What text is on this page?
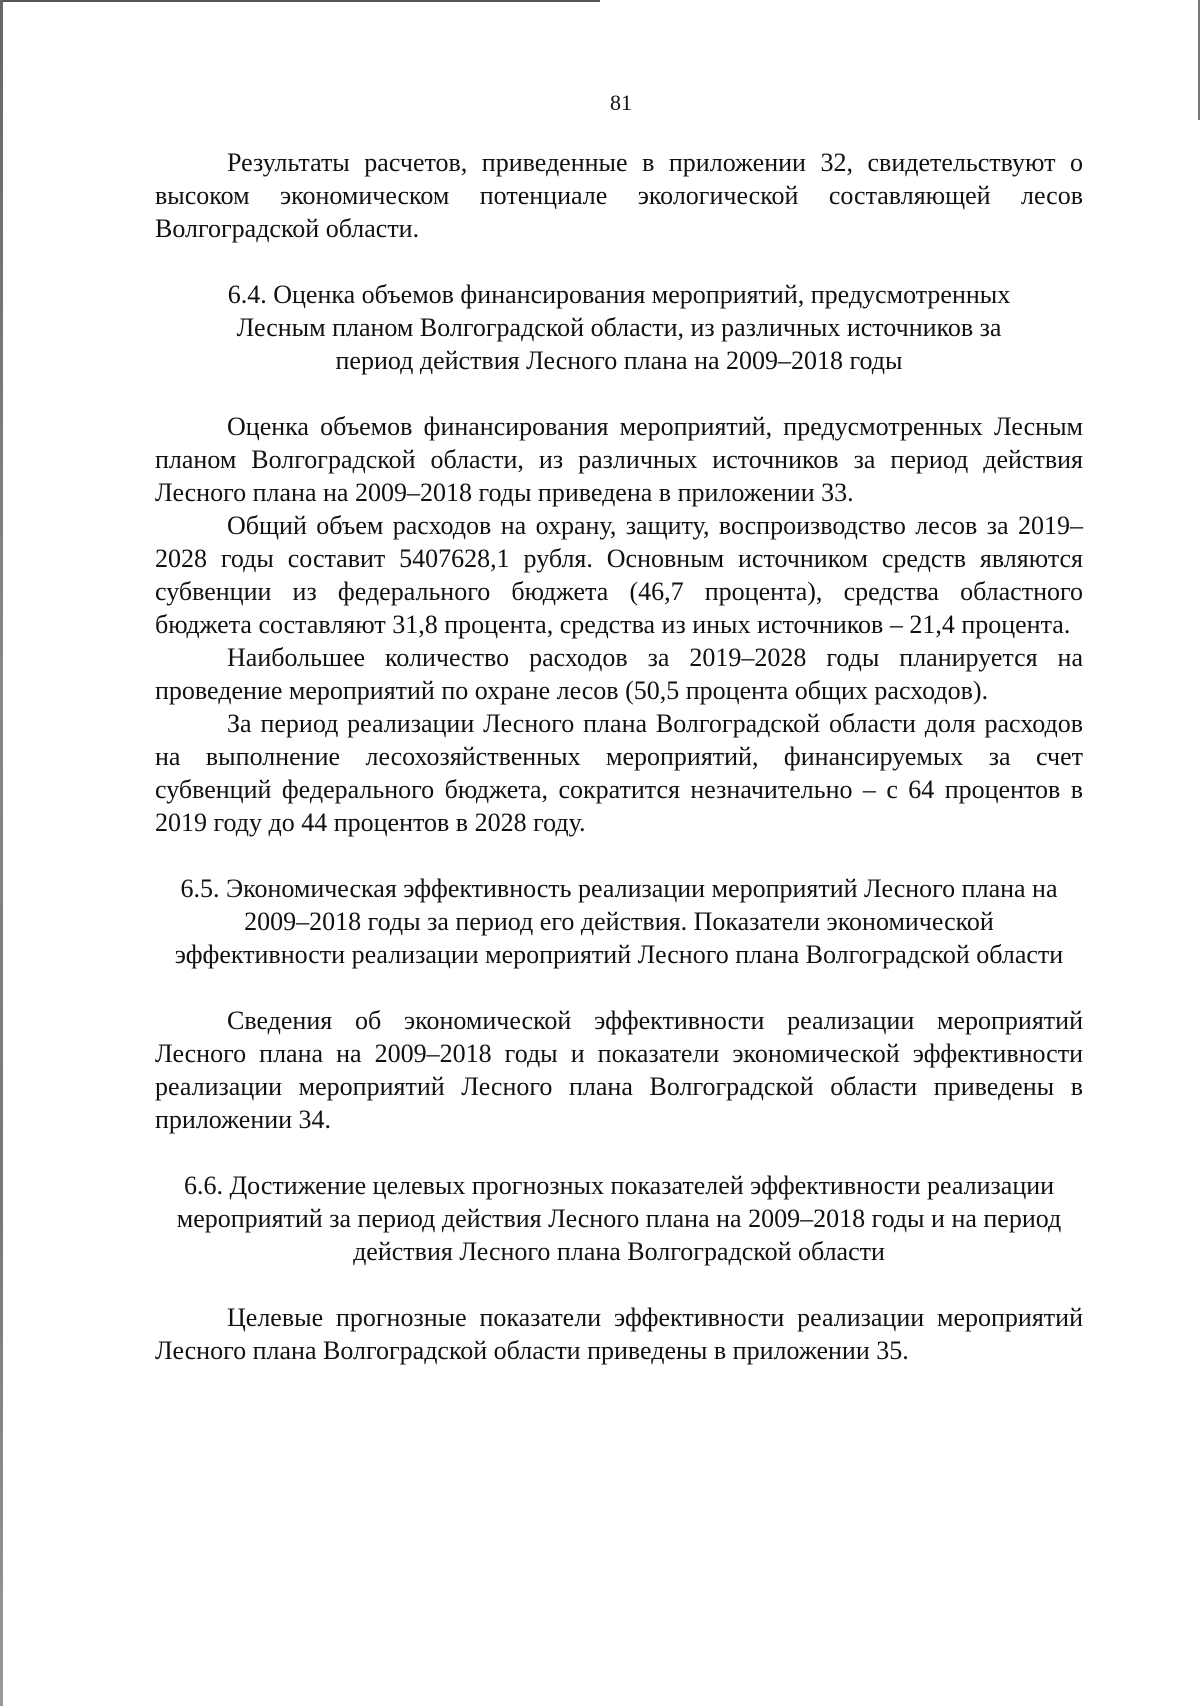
81

Результаты расчетов, приведенные в приложении 32, свидетельствуют о высоком экономическом потенциале экологической составляющей лесов Волгоградской области.

6.4. Оценка объемов финансирования мероприятий, предусмотренных Лесным планом Волгоградской области, из различных источников за период действия Лесного плана на 2009–2018 годы

Оценка объемов финансирования мероприятий, предусмотренных Лесным планом Волгоградской области, из различных источников за период действия Лесного плана на 2009–2018 годы приведена в приложении 33.

Общий объем расходов на охрану, защиту, воспроизводство лесов за 2019–2028 годы составит 5407628,1 рубля. Основным источником средств являются субвенции из федерального бюджета (46,7 процента), средства областного бюджета составляют 31,8 процента, средства из иных источников – 21,4 процента.

Наибольшее количество расходов за 2019–2028 годы планируется на проведение мероприятий по охране лесов (50,5 процента общих расходов).

За период реализации Лесного плана Волгоградской области доля расходов на выполнение лесохозяйственных мероприятий, финансируемых за счет субвенций федерального бюджета, сократится незначительно – с 64 процентов в 2019 году до 44 процентов в 2028 году.

6.5. Экономическая эффективность реализации мероприятий Лесного плана на 2009–2018 годы за период его действия. Показатели экономической эффективности реализации мероприятий Лесного плана Волгоградской области

Сведения об экономической эффективности реализации мероприятий Лесного плана на 2009–2018 годы и показатели экономической эффективности реализации мероприятий Лесного плана Волгоградской области приведены в приложении 34.

6.6. Достижение целевых прогнозных показателей эффективности реализации мероприятий за период действия Лесного плана на 2009–2018 годы и на период действия Лесного плана Волгоградской области

Целевые прогнозные показатели эффективности реализации мероприятий Лесного плана Волгоградской области приведены в приложении 35.
